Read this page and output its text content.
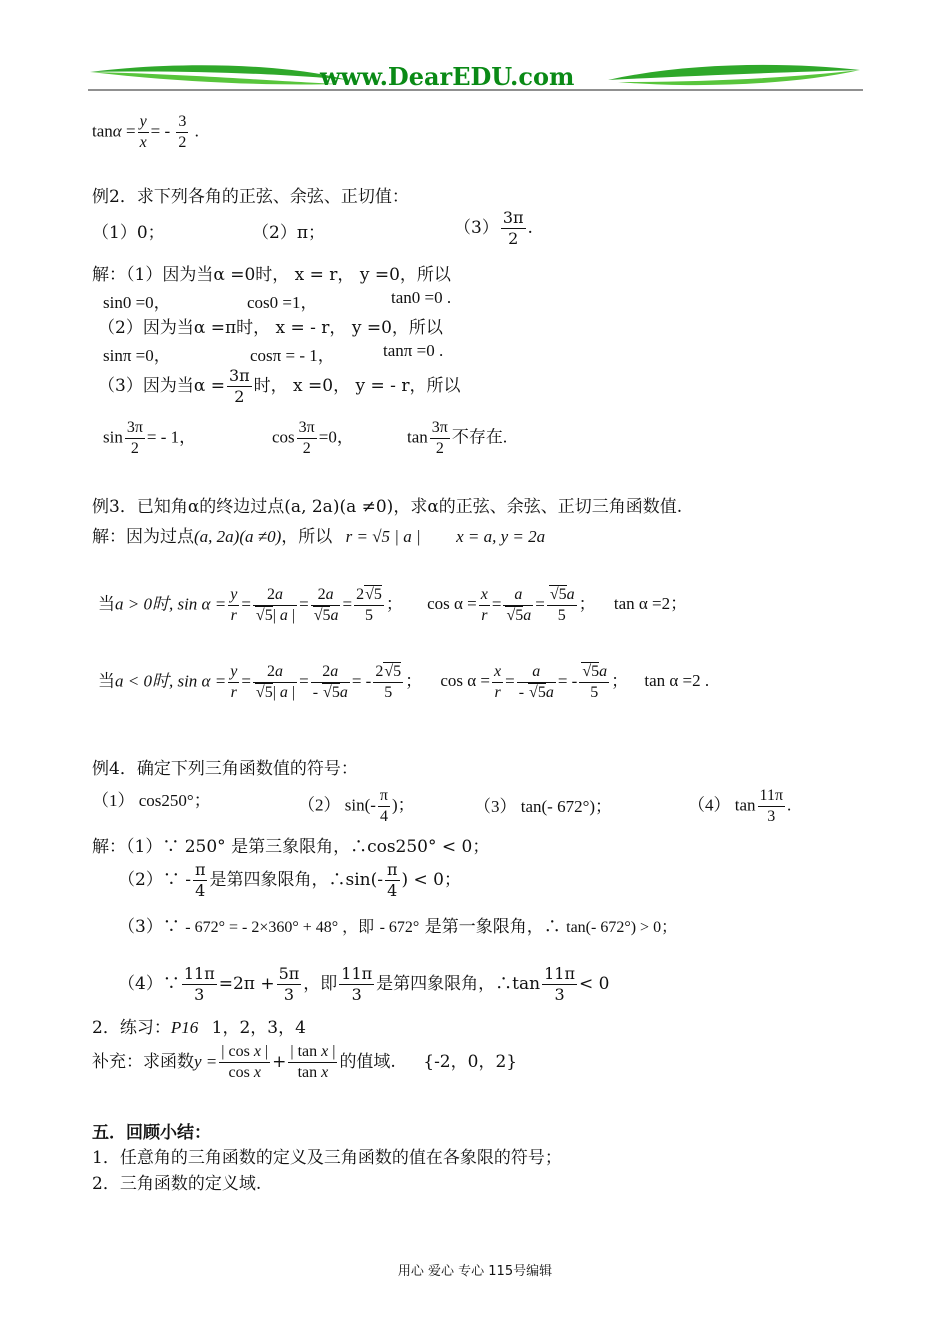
www.DearEDU.com
$\tan\alpha = \frac{y}{x}$ = - $\frac{3}{2}$ .
例2．求下列各角的正弦、余弦、正切值：
（1）0；	（2）π；	$(3) \frac{3\pi}{2}$ .
解：（1）因为当α =0时， x = r， y =0，所以
sin0 =0，	cos0 =1，	tan0 =0 .
（2）因为当α =π时， x = - r， y =0，所以
sinπ =0，	cosπ = - 1，	tanπ =0 .
（3）因为当$\alpha = \frac{3\pi}{2}$ 时， x =0， y = - r，所以
$\sin \frac{3\pi}{2}$ = - 1，	$\cos \frac{3\pi}{2} =0$，	$\tan \frac{3\pi}{2}$ 不存在.
例3．已知角α的终边过点(a, 2a)(a ≠0)，求α的正弦、余弦、正切三角函数值.
解：因为过点(a, 2a)(a ≠0)，所以 r = √5 | a | x = a, y = 2a
当a > 0时, $\sin \alpha = \frac{y}{r} = \frac{2a}{√5| a |} = \frac{2a}{√5a} = \frac{2√5}{5}$ ； $\cos \alpha = \frac{x}{r} = \frac{a}{√5a} = \frac{√5a}{5}$ ； tan α =2；
当a < 0时, $\sin \alpha = \frac{y}{r} = \frac{2a}{√5| a |} = \frac{2a}{- √5a}$ = - $\frac{2√5}{5}$ ； $\cos \alpha = \frac{x}{r} = \frac{a}{- √5a}$ = - $\frac{√5a}{5}$ ； tan α =2 .
例4．确定下列三角函数值的符号：
（1） cos250°；	（2） $\sin(- \frac{\pi}{4}$ )；	（3） tan(- 672°)；	（4） $\tan \frac{11\pi}{3}$ .
解：（1）∵ 250° 是第三象限角，∴cos250° < 0；
（2）∵ - $\frac{\pi}{4}$ 是第四象限角，∴sin(- $\frac{\pi}{4}$ ) < 0；
（3）∵ - 672° = - 2×360° + 48° ，即 - 672° 是第一象限角，∴ tan(- 672°) > 0；
（4）∵ $\frac{11\pi}{3} =2\pi + \frac{5\pi}{3}$ ，即 $\frac{11\pi}{3}$ 是第四象限角，∴tan $\frac{11\pi}{3} < 0$
2．练习：P16 1，2，3，4
补充：求函数$y = \frac{\text{| cos x |}}{\text{cos x}} + \frac{\text{| tan x |}}{\text{tan x}}$ 的值域. {-2，0，2}
五．回顾小结：
1．任意角的三角函数的定义及三角函数的值在各象限的符号；
2．三角函数的定义域.
用心 爱心 专心 115号编辑
